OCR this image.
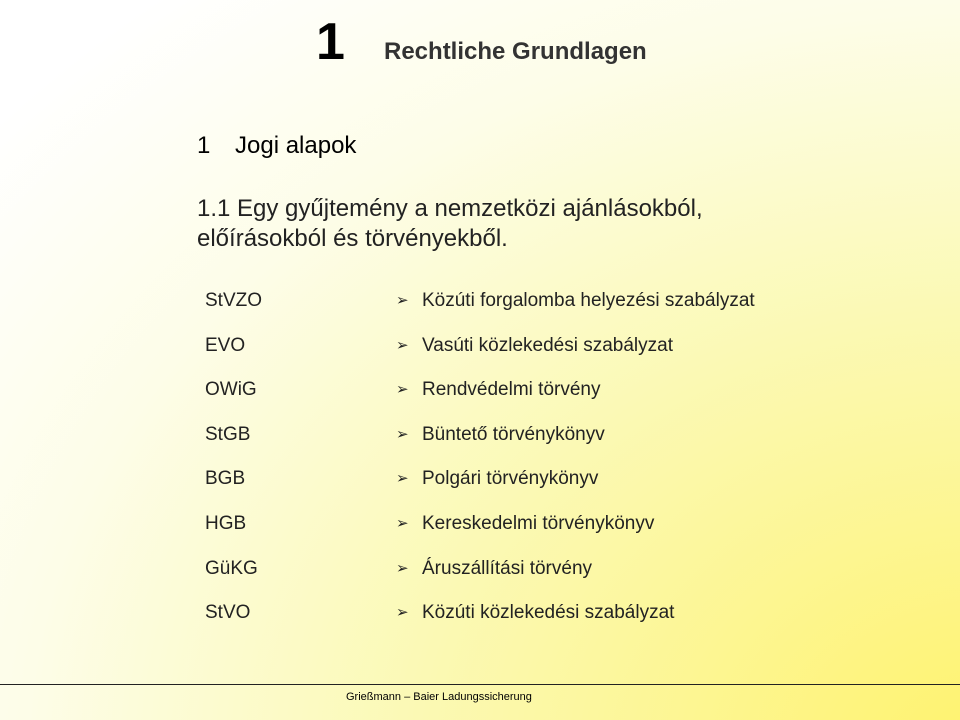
1 Rechtliche Grundlagen
1 Jogi alapok
1.1 Egy gyűjtemény a nemzetközi ajánlásokból, előírásokból és törvényekből.
StVZO
EVO
OWiG
StGB
BGB
HGB
GüKG
StVO
➢ Közúti forgalomba helyezési szabályzat
➢ Vasúti közlekedési szabályzat
➢ Rendvédelmi törvény
➢ Büntető törvénykönyv
➢ Polgári törvénykönyv
➢ Kereskedelmi törvénykönyv
➢ Áruszállítási törvény
➢ Közúti közlekedési szabályzat
Grießmann – Baier Ladungssicherung
